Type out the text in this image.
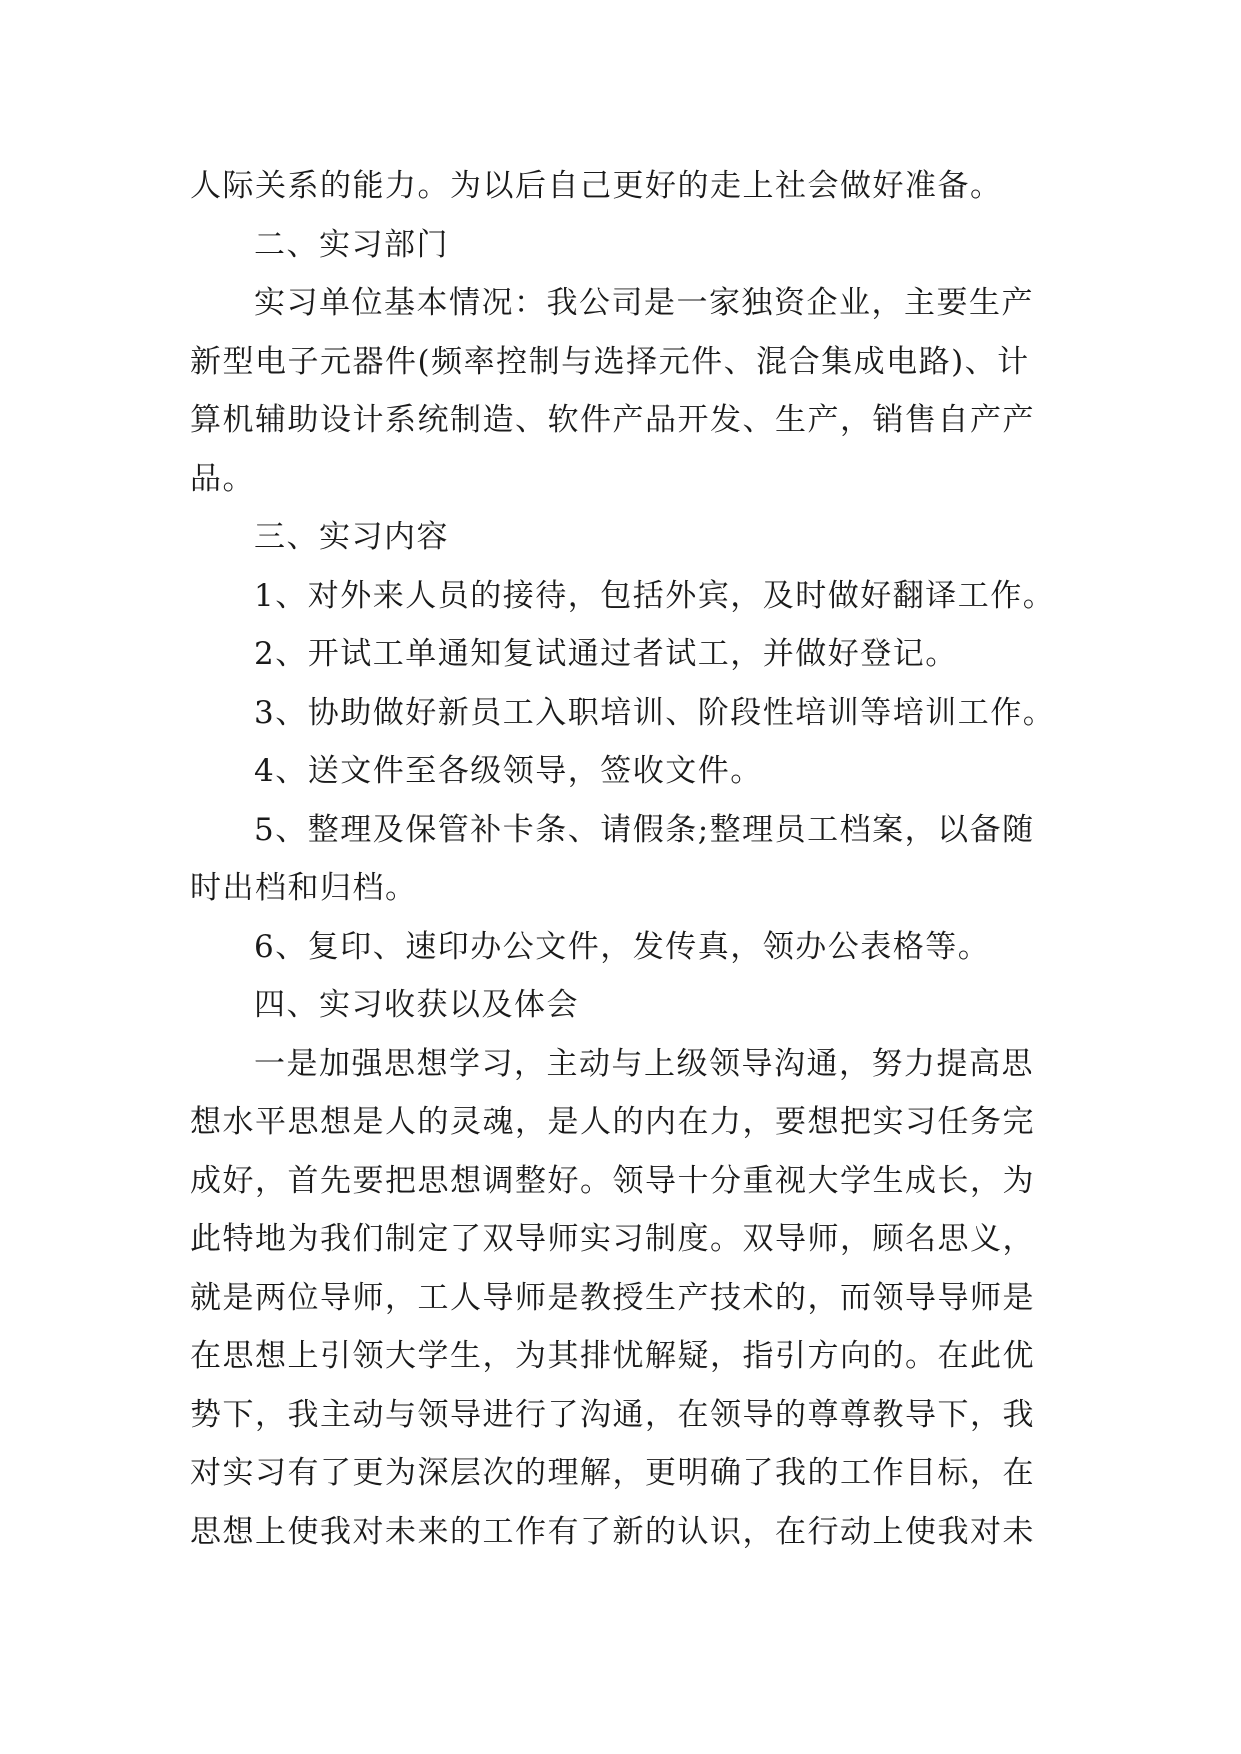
人际关系的能力。为以后自己更好的走上社会做好准备。

二、实习部门

实习单位基本情况：我公司是一家独资企业，主要生产

新型电子元器件(频率控制与选择元件、混合集成电路)、计

算机辅助设计系统制造、软件产品开发、生产，销售自产产

品。

三、实习内容

1、对外来人员的接待，包括外宾，及时做好翻译工作。

2、开试工单通知复试通过者试工，并做好登记。

3、协助做好新员工入职培训、阶段性培训等培训工作。

4、送文件至各级领导，签收文件。

5、整理及保管补卡条、请假条;整理员工档案，以备随

时出档和归档。

6、复印、速印办公文件，发传真，领办公表格等。

四、实习收获以及体会

一是加强思想学习，主动与上级领导沟通，努力提高思

想水平思想是人的灵魂，是人的内在力，要想把实习任务完

成好，首先要把思想调整好。领导十分重视大学生成长，为

此特地为我们制定了双导师实习制度。双导师，顾名思义，

就是两位导师，工人导师是教授生产技术的，而领导导师是

在思想上引领大学生，为其排忧解疑，指引方向的。在此优

势下，我主动与领导进行了沟通，在领导的尊尊教导下，我

对实习有了更为深层次的理解，更明确了我的工作目标，在

思想上使我对未来的工作有了新的认识，在行动上使我对未
